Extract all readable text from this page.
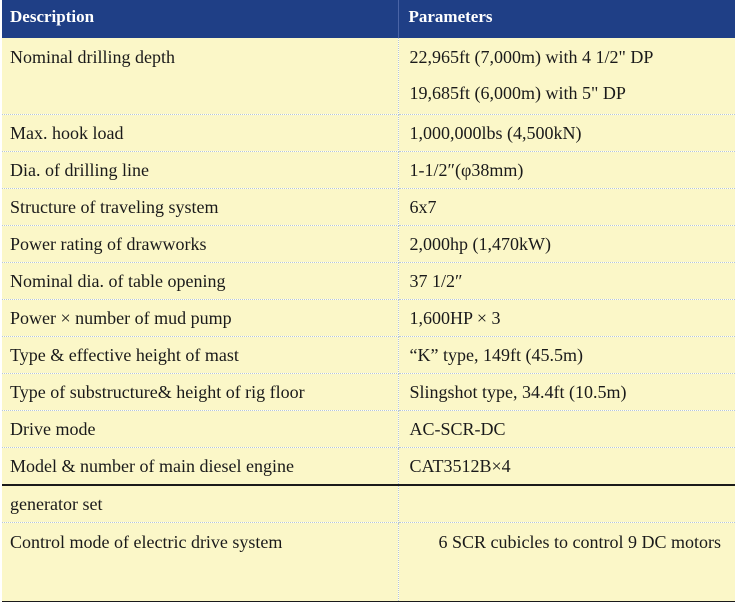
Description	Parameters

Nominal drilling depth	22,965ft (7,000m) with 4 1/2" DP
19,685ft (6,000m) with 5" DP

Max. hook load	1,000,000lbs (4,500kN)
Dia. of drilling line	1-1/2″(φ38mm)
Structure of traveling system	6x7
Power rating of drawworks	2,000hp (1,470kW)
Nominal dia. of table opening	37 1/2″
Power × number of mud pump	1,600HP × 3
Type & effective height of mast	“K” type, 149ft (45.5m)
Type of substructure& height of rig floor	Slingshot type, 34.4ft (10.5m)
Drive mode	AC-SCR-DC
Model & number of main diesel engine	CAT3512B×4
generator set	

Control mode of electric drive system	6 SCR cubicles to control 9 DC motors
